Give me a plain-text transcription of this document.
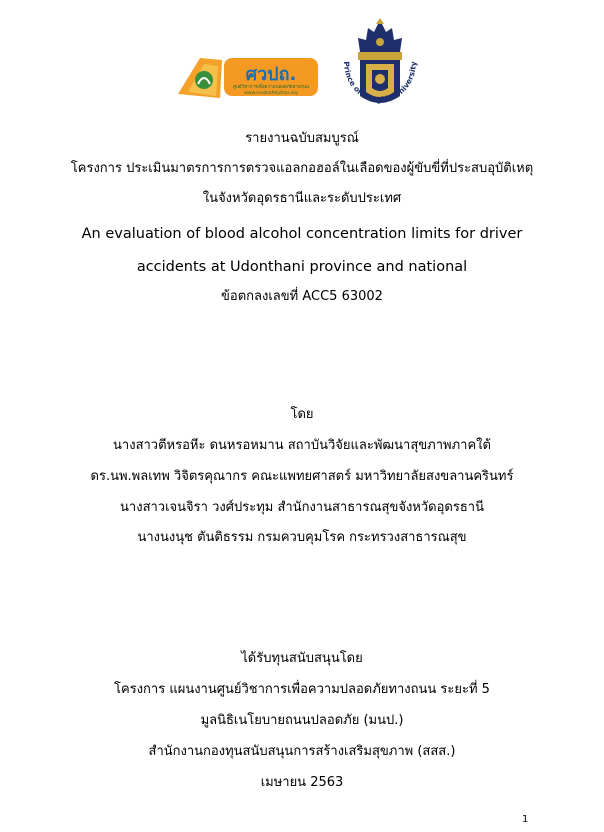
ศวปถ.
ศูนย์วิชาการเพื่อความปลอดภัยทางถนน
www.roadsafetythai.org
Prince of Songkla University
รายงานฉบับสมบูรณ์
โครงการ ประเมินมาตรการการตรวจแอลกอฮอล์ในเลือดของผู้ขับขี่ที่ประสบอุบัติเหตุ
ในจังหวัดอุดรธานีและระดับประเทศ
An evaluation of blood alcohol concentration limits for driver
accidents at Udonthani province and national
ข้อตกลงเลขที่ ACC5 63002
โดย
นางสาวตีหรอหีะ ดนหรอหมาน สถาบันวิจัยและพัฒนาสุขภาพภาคใต้
ดร.นพ.พลเทพ วิจิตรคุณากร คณะแพทยศาสตร์ มหาวิทยาลัยสงขลานครินทร์
นางสาวเจนจิรา วงศ์ประทุม สำนักงานสาธารณสุขจังหวัดอุดรธานี
นางนงนุช ตันติธรรม กรมควบคุมโรค กระทรวงสาธารณสุข
ได้รับทุนสนับสนุนโดย
โครงการ แผนงานศูนย์วิชาการเพื่อความปลอดภัยทางถนน ระยะที่ 5
มูลนิธิเนโยบายถนนปลอดภัย (มนป.)
สำนักงานกองทุนสนับสนุนการสร้างเสริมสุขภาพ (สสส.)
เมษายน 2563
1
